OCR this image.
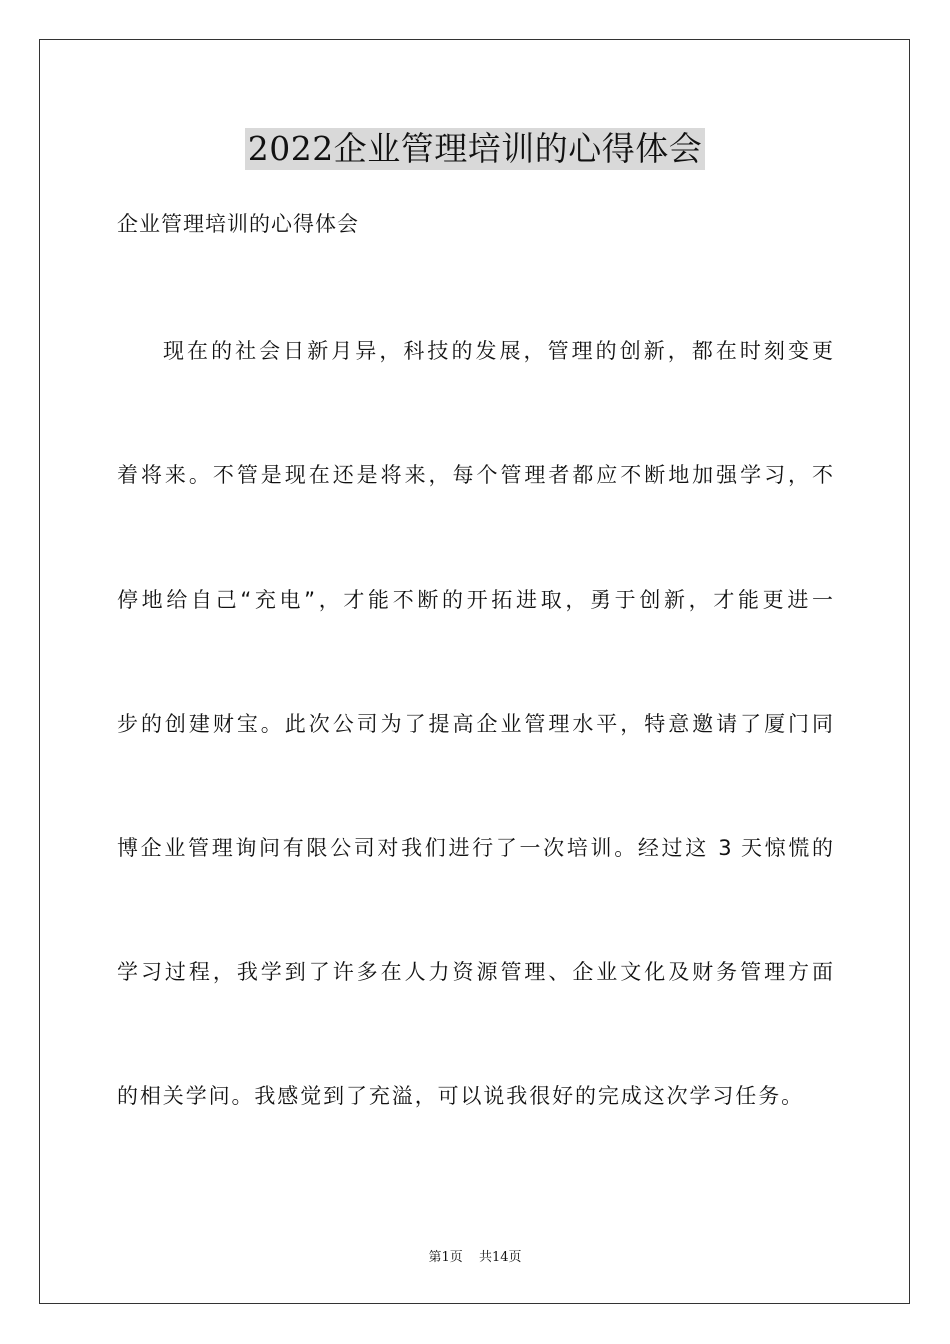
2022企业管理培训的心得体会
企业管理培训的心得体会
现在的社会日新月异，科技的发展，管理的创新，都在时刻变更
着将来。不管是现在还是将来，每个管理者都应不断地加强学习，不
停地给自己“充电”，才能不断的开拓进取，勇于创新，才能更进一
步的创建财宝。此次公司为了提高企业管理水平，特意邀请了厦门同
博企业管理询问有限公司对我们进行了一次培训。经过这 3 天惊慌的
学习过程，我学到了许多在人力资源管理、企业文化及财务管理方面
的相关学问。我感觉到了充溢，可以说我很好的完成这次学习任务。
第1页 共14页
